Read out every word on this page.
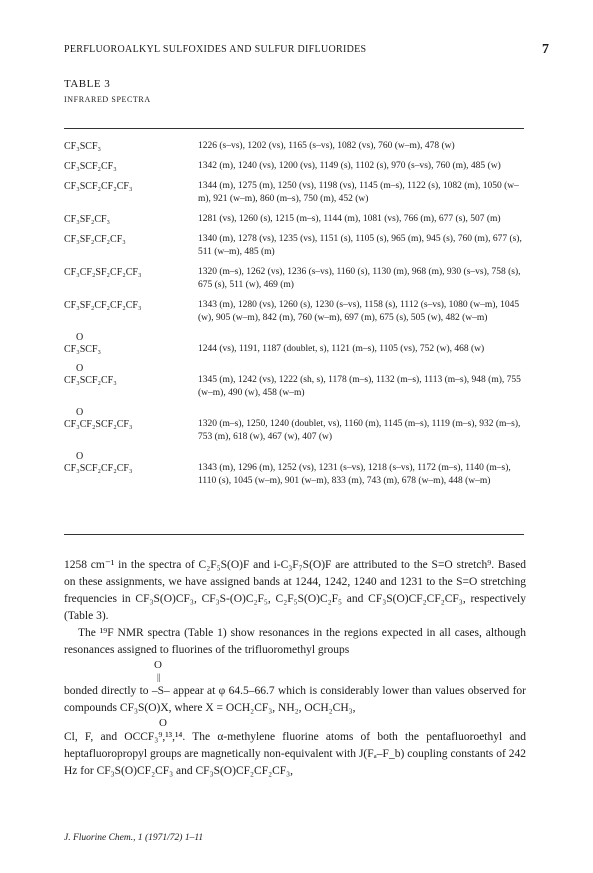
PERFLUOROALKYL SULFOXIDES AND SULFUR DIFLUORIDES	7
TABLE 3
INFRARED SPECTRA
CF₃SCF₃	1226 (s–vs), 1202 (vs), 1165 (s–vs), 1082 (vs), 760 (w–m), 478 (w)
CF₃SCF₂CF₃	1342 (m), 1240 (vs), 1200 (vs), 1149 (s), 1102 (s), 970 (s–vs), 760 (m), 485 (w)
CF₃SCF₂CF₂CF₃	1344 (m), 1275 (m), 1250 (vs), 1198 (vs), 1145 (m–s), 1122 (s), 1082 (m), 1050 (w–m), 921 (w–m), 860 (m–s), 750 (m), 452 (w)
CF₃SF₂CF₃	1281 (vs), 1260 (s), 1215 (m–s), 1144 (m), 1081 (vs), 766 (m), 677 (s), 507 (m)
CF₃SF₂CF₂CF₃	1340 (m), 1278 (vs), 1235 (vs), 1151 (s), 1105 (s), 965 (m), 945 (s), 760 (m), 677 (s), 511 (w–m), 485 (m)
CF₃CF₂SF₂CF₂CF₃	1320 (m–s), 1262 (vs), 1236 (s–vs), 1160 (s), 1130 (m), 968 (m), 930 (s–vs), 758 (s), 675 (s), 511 (w), 469 (m)
CF₃SF₂CF₂CF₂CF₃	1343 (m), 1280 (vs), 1260 (s), 1230 (s–vs), 1158 (s), 1112 (s–vs), 1080 (w–m), 1045 (w), 905 (w–m), 842 (m), 760 (w–m), 697 (m), 675 (s), 505 (w), 482 (w–m)
O
CF₃SCF₃	1244 (vs), 1191, 1187 (doublet, s), 1121 (m–s), 1105 (vs), 752 (w), 468 (w)
O
CF₃SCF₂CF₃	1345 (m), 1242 (vs), 1222 (sh, s), 1178 (m–s), 1132 (m–s), 1113 (m–s), 948 (m), 755 (w–m), 490 (w), 458 (w–m)
O
CF₃CF₂SCF₂CF₃	1320 (m–s), 1250, 1240 (doublet, vs), 1160 (m), 1145 (m–s), 1119 (m–s), 932 (m–s), 753 (m), 618 (w), 467 (w), 407 (w)
O
CF₃SCF₂CF₂CF₃	1343 (m), 1296 (m), 1252 (vs), 1231 (s–vs), 1218 (s–vs), 1172 (m–s), 1140 (m–s), 1110 (s), 1045 (w–m), 901 (w–m), 833 (m), 743 (m), 678 (w–m), 448 (w–m)

1258 cm⁻¹ in the spectra of C₂F₅S(O)F and i-C₃F₇S(O)F are attributed to the S=O stretch⁹. Based on these assignments, we have assigned bands at 1244, 1242, 1240 and 1231 to the S=O stretching frequencies in CF₃S(O)CF₃, CF₃S-(O)C₂F₅, C₂F₅S(O)C₂F₅ and CF₃S(O)CF₂CF₂CF₃, respectively (Table 3).

The ¹⁹F NMR spectra (Table 1) show resonances in the regions expected in all cases, although resonances assigned to fluorines of the trifluoromethyl groups

O
||

bonded directly to –S– appear at φ 64.5–66.7 which is considerably lower than values observed for compounds CF₃S(O)X, where X = OCH₂CF₃, NH₂, OCH₂CH₃,

O

Cl, F, and OCCF₃⁹,¹³,¹⁴. The α-methylene fluorine atoms of both the pentafluoroethyl and heptafluoropropyl groups are magnetically non-equivalent with J(Fₐ–F_b) coupling constants of 242 Hz for CF₃S(O)CF₂CF₃ and CF₃S(O)CF₂CF₂CF₃,

J. Fluorine Chem., 1 (1971/72) 1–11
